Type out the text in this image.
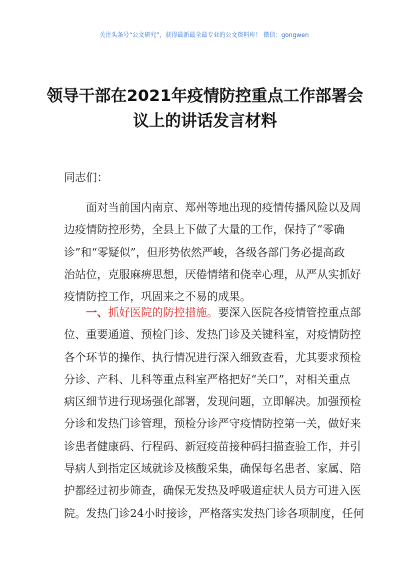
关注头条号“公文研究”，获得最新最全最专业的公文资料库！ 微信：gongwen
领导干部在2021年疫情防控重点工作部署会
议上的讲话发言材料
同志们：
　　面对当前国内南京、郑州等地出现的疫情传播风险以及周
边疫情防控形势，全县上下做了大量的工作，保持了“零确
诊”和“零疑似”，但形势依然严峻，各级各部门务必提高政
治站位，克服麻痹思想，厌倦情绪和侥幸心理，从严从实抓好
疫情防控工作，巩固来之不易的成果。
　　一、抓好医院的防控措施。要深入医院各疫情管控重点部
位、重要通道、预检门诊、发热门诊及关键科室，对疫情防控
各个环节的操作、执行情况进行深入细致查看，尤其要求预检
分诊、产科、儿科等重点科室严格把好“关口”，对相关重点
病区细节进行现场强化部署，发现问题，立即解决。加强预检
分诊和发热门诊管理，预检分诊严守疫情防控第一关，做好来
诊患者健康码、行程码、新冠疫苗接种码扫描查验工作，并引
导病人到指定区域就诊及核酸采集，确保每名患者、家属、陪
护都经过初步筛查，确保无发热及呼吸道症状人员方可进入医
院。发热门诊24小时接诊，严格落实发热门诊各项制度，任何
